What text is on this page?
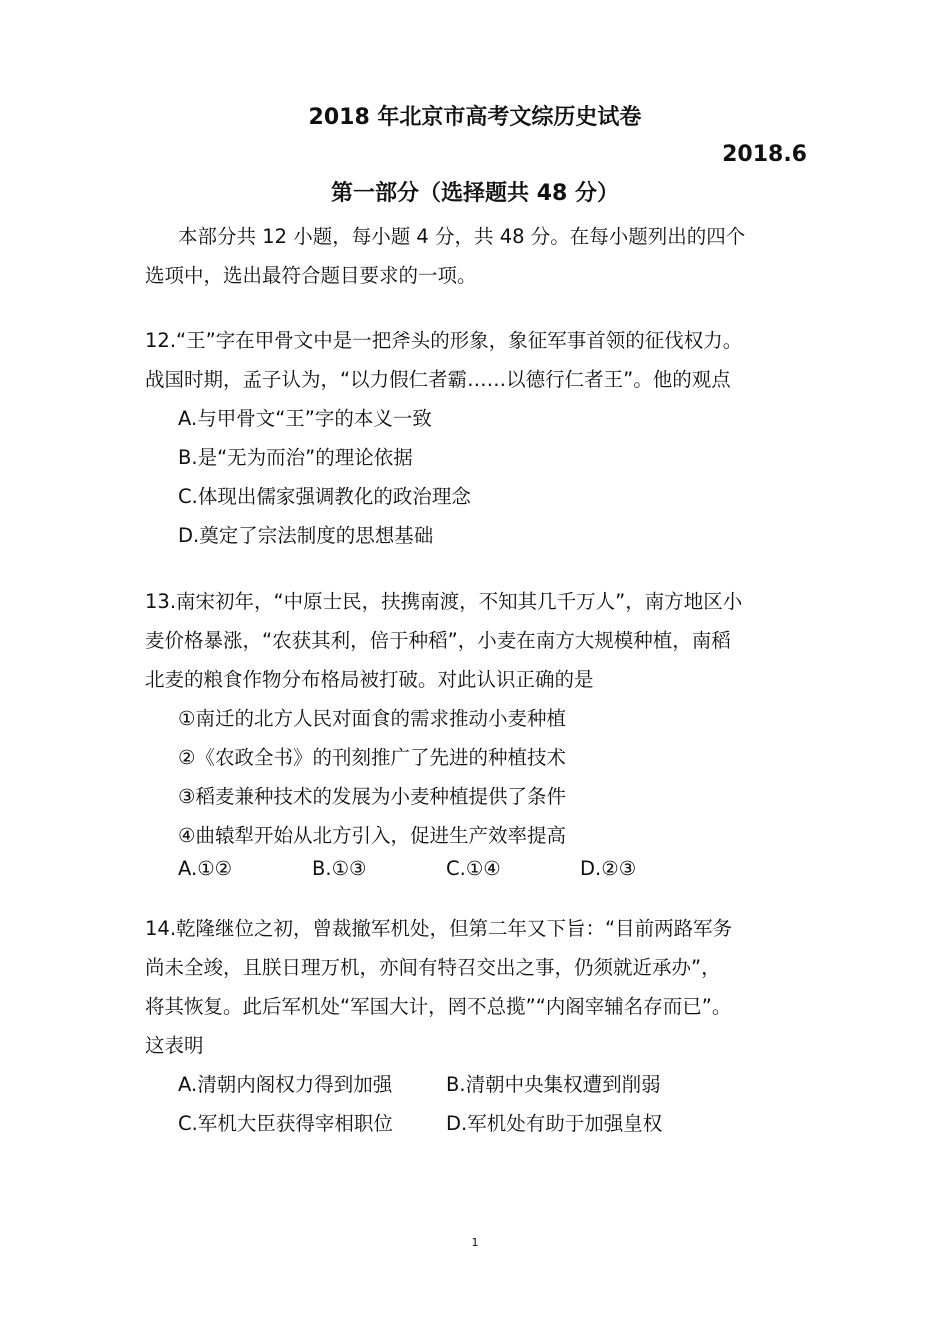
2018 年北京市高考文综历史试卷
2018.6
第一部分（选择题共 48 分）
本部分共 12 小题，每小题 4 分，共 48 分。在每小题列出的四个
选项中，选出最符合题目要求的一项。
12.“王”字在甲骨文中是一把斧头的形象，象征军事首领的征伐权力。
战国时期，孟子认为，“以力假仁者霸……以德行仁者王”。他的观点
A.与甲骨文“王”字的本义一致
B.是“无为而治”的理论依据
C.体现出儒家强调教化的政治理念
D.奠定了宗法制度的思想基础
13.南宋初年，“中原士民，扶携南渡，不知其几千万人”，南方地区小
麦价格暴涨，“农获其利，倍于种稻”，小麦在南方大规模种植，南稻
北麦的粮食作物分布格局被打破。对此认识正确的是
①南迁的北方人民对面食的需求推动小麦种植
②《农政全书》的刊刻推广了先进的种植技术
③稻麦兼种技术的发展为小麦种植提供了条件
④曲辕犁开始从北方引入，促进生产效率提高
A.①②	B.①③	C.①④	D.②③
14.乾隆继位之初，曾裁撤军机处，但第二年又下旨：“目前两路军务
尚未全竣，且朕日理万机，亦间有特召交出之事，仍须就近承办”，
将其恢复。此后军机处“军国大计，罔不总揽”“内阁宰辅名存而已”。
这表明
A.清朝内阁权力得到加强	B.清朝中央集权遭到削弱
C.军机大臣获得宰相职位	D.军机处有助于加强皇权
1
